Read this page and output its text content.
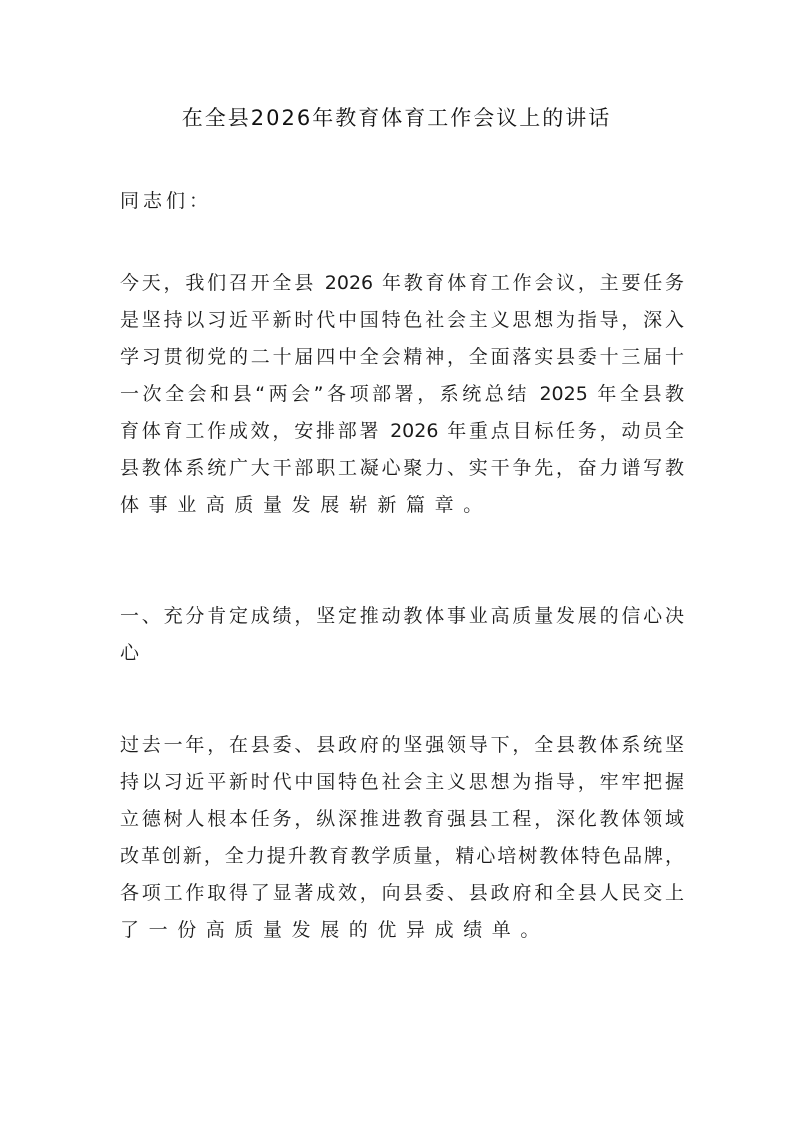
在全县2026年教育体育工作会议上的讲话
同志们：
今天，我们召开全县 2026 年教育体育工作会议，主要任务
是坚持以习近平新时代中国特色社会主义思想为指导，深入
学习贯彻党的二十届四中全会精神，全面落实县委十三届十
一次全会和县“两会”各项部署，系统总结 2025 年全县教
育体育工作成效，安排部署 2026 年重点目标任务，动员全
县教体系统广大干部职工凝心聚力、实干争先，奋力谱写教
体事业高质量发展崭新篇章。
一、充分肯定成绩，坚定推动教体事业高质量发展的信心决
心
过去一年，在县委、县政府的坚强领导下，全县教体系统坚
持以习近平新时代中国特色社会主义思想为指导，牢牢把握
立德树人根本任务，纵深推进教育强县工程，深化教体领域
改革创新，全力提升教育教学质量，精心培树教体特色品牌，
各项工作取得了显著成效，向县委、县政府和全县人民交上
了一份高质量发展的优异成绩单。
